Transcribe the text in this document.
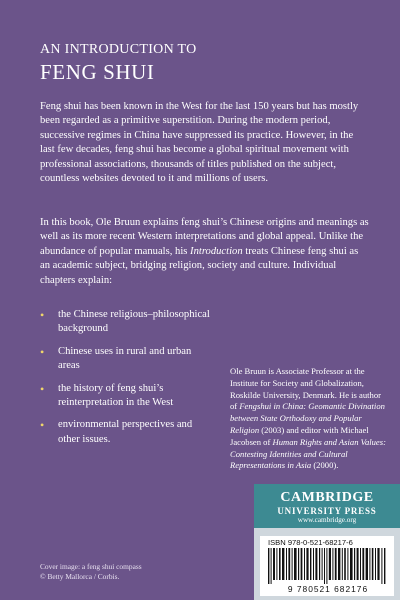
AN INTRODUCTION TO
FENG SHUI
Feng shui has been known in the West for the last 150 years but has mostly been regarded as a primitive superstition. During the modern period, successive regimes in China have suppressed its practice. However, in the last few decades, feng shui has become a global spiritual movement with professional associations, thousands of titles published on the subject, countless websites devoted to it and millions of users.
In this book, Ole Bruun explains feng shui’s Chinese origins and meanings as well as its more recent Western interpretations and global appeal. Unlike the abundance of popular manuals, his Introduction treats Chinese feng shui as an academic subject, bridging religion, society and culture. Individual chapters explain:
• the Chinese religious–philosophical background
• Chinese uses in rural and urban areas
• the history of feng shui’s reinterpretation in the West
• environmental perspectives and other issues.
Ole Bruun is Associate Professor at the Institute for Society and Globalization, Roskilde University, Denmark. He is author of Fengshui in China: Geomantic Divination between State Orthodoxy and Popular Religion (2003) and editor with Michael Jacobsen of Human Rights and Asian Values: Contesting Identities and Cultural Representations in Asia (2000).
Cover image: a feng shui compass
© Betty Mallorca / Corbis.
CAMBRIDGE
UNIVERSITY PRESS
www.cambridge.org
ISBN 978-0-521-68217-6
9 780521 682176
